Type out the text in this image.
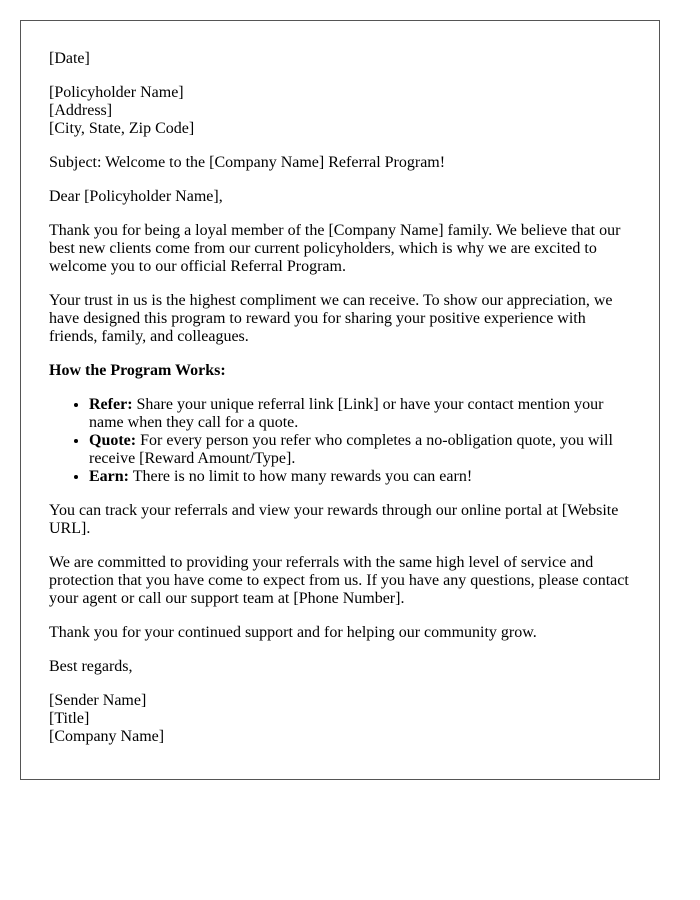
[Date]

[Policyholder Name]
[Address]
[City, State, Zip Code]

Subject: Welcome to the [Company Name] Referral Program!

Dear [Policyholder Name],

Thank you for being a loyal member of the [Company Name] family. We believe that our best new clients come from our current policyholders, which is why we are excited to welcome you to our official Referral Program.

Your trust in us is the highest compliment we can receive. To show our appreciation, we have designed this program to reward you for sharing your positive experience with friends, family, and colleagues.

How the Program Works:

• Refer: Share your unique referral link [Link] or have your contact mention your name when they call for a quote.
• Quote: For every person you refer who completes a no-obligation quote, you will receive [Reward Amount/Type].
• Earn: There is no limit to how many rewards you can earn!

You can track your referrals and view your rewards through our online portal at [Website URL].

We are committed to providing your referrals with the same high level of service and protection that you have come to expect from us. If you have any questions, please contact your agent or call our support team at [Phone Number].

Thank you for your continued support and for helping our community grow.

Best regards,

[Sender Name]
[Title]
[Company Name]
